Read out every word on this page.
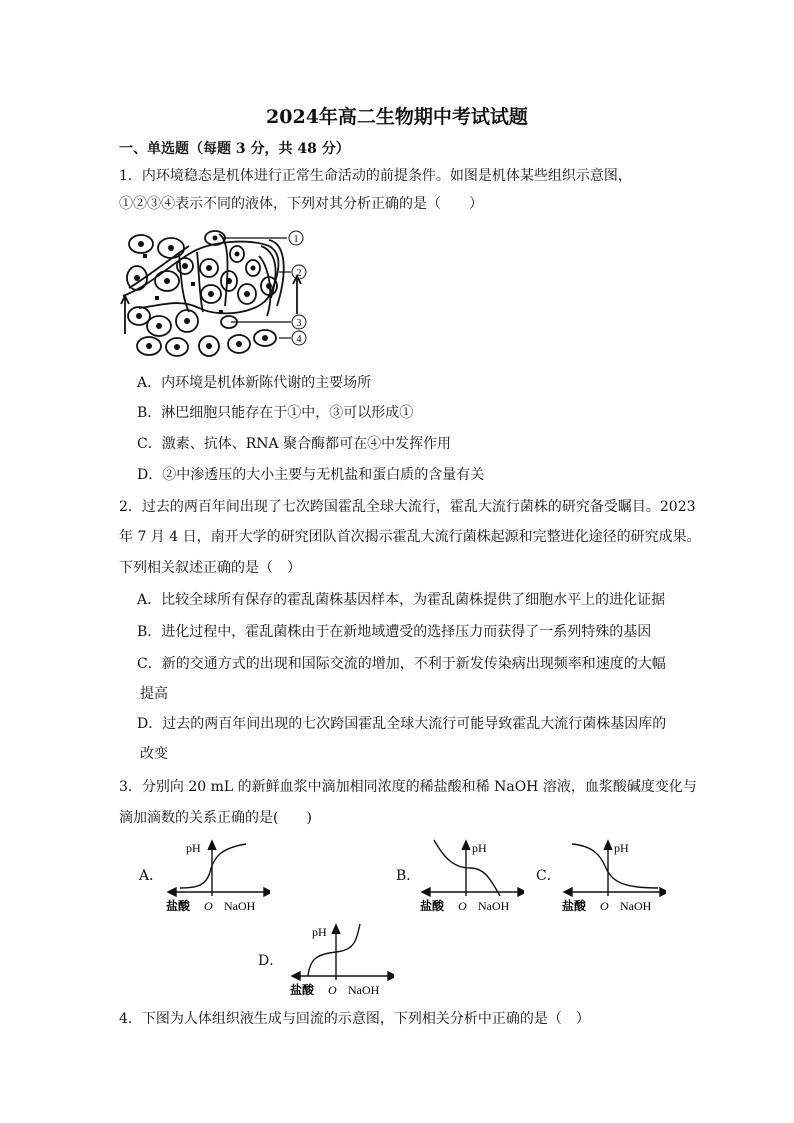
2024年高二生物期中考试试题
一、单选题（每题 3 分，共 48 分）
1．内环境稳态是机体进行正常生命活动的前提条件。如图是机体某些组织示意图，
①②③④表示不同的液体，下列对其分析正确的是（　　）
1
2
3
4
A．内环境是机体新陈代谢的主要场所
B．淋巴细胞只能存在于①中，③可以形成①
C．激素、抗体、RNA 聚合酶都可在④中发挥作用
D．②中渗透压的大小主要与无机盐和蛋白质的含量有关
2．过去的两百年间出现了七次跨国霍乱全球大流行，霍乱大流行菌株的研究备受瞩目。2023
年 7 月 4 日，南开大学的研究团队首次揭示霍乱大流行菌株起源和完整进化途径的研究成果。
下列相关叙述正确的是（　）
A．比较全球所有保存的霍乱菌株基因样本，为霍乱菌株提供了细胞水平上的进化证据
B．进化过程中，霍乱菌株由于在新地域遭受的选择压力而获得了一系列特殊的基因
C．新的交通方式的出现和国际交流的增加，不利于新发传染病出现频率和速度的大幅
提高
D．过去的两百年间出现的七次跨国霍乱全球大流行可能导致霍乱大流行菌株基因库的
改变
3．分别向 20 mL 的新鲜血浆中滴加相同浓度的稀盐酸和稀 NaOH 溶液，血浆酸碱度变化与
滴加滴数的关系正确的是(　　)
A．
pH
盐酸 O NaOH
B．
pH
盐酸 O NaOH
C．
pH
盐酸 O NaOH
D．
pH
盐酸 O NaOH
4．下图为人体组织液生成与回流的示意图，下列相关分析中正确的是（　）
